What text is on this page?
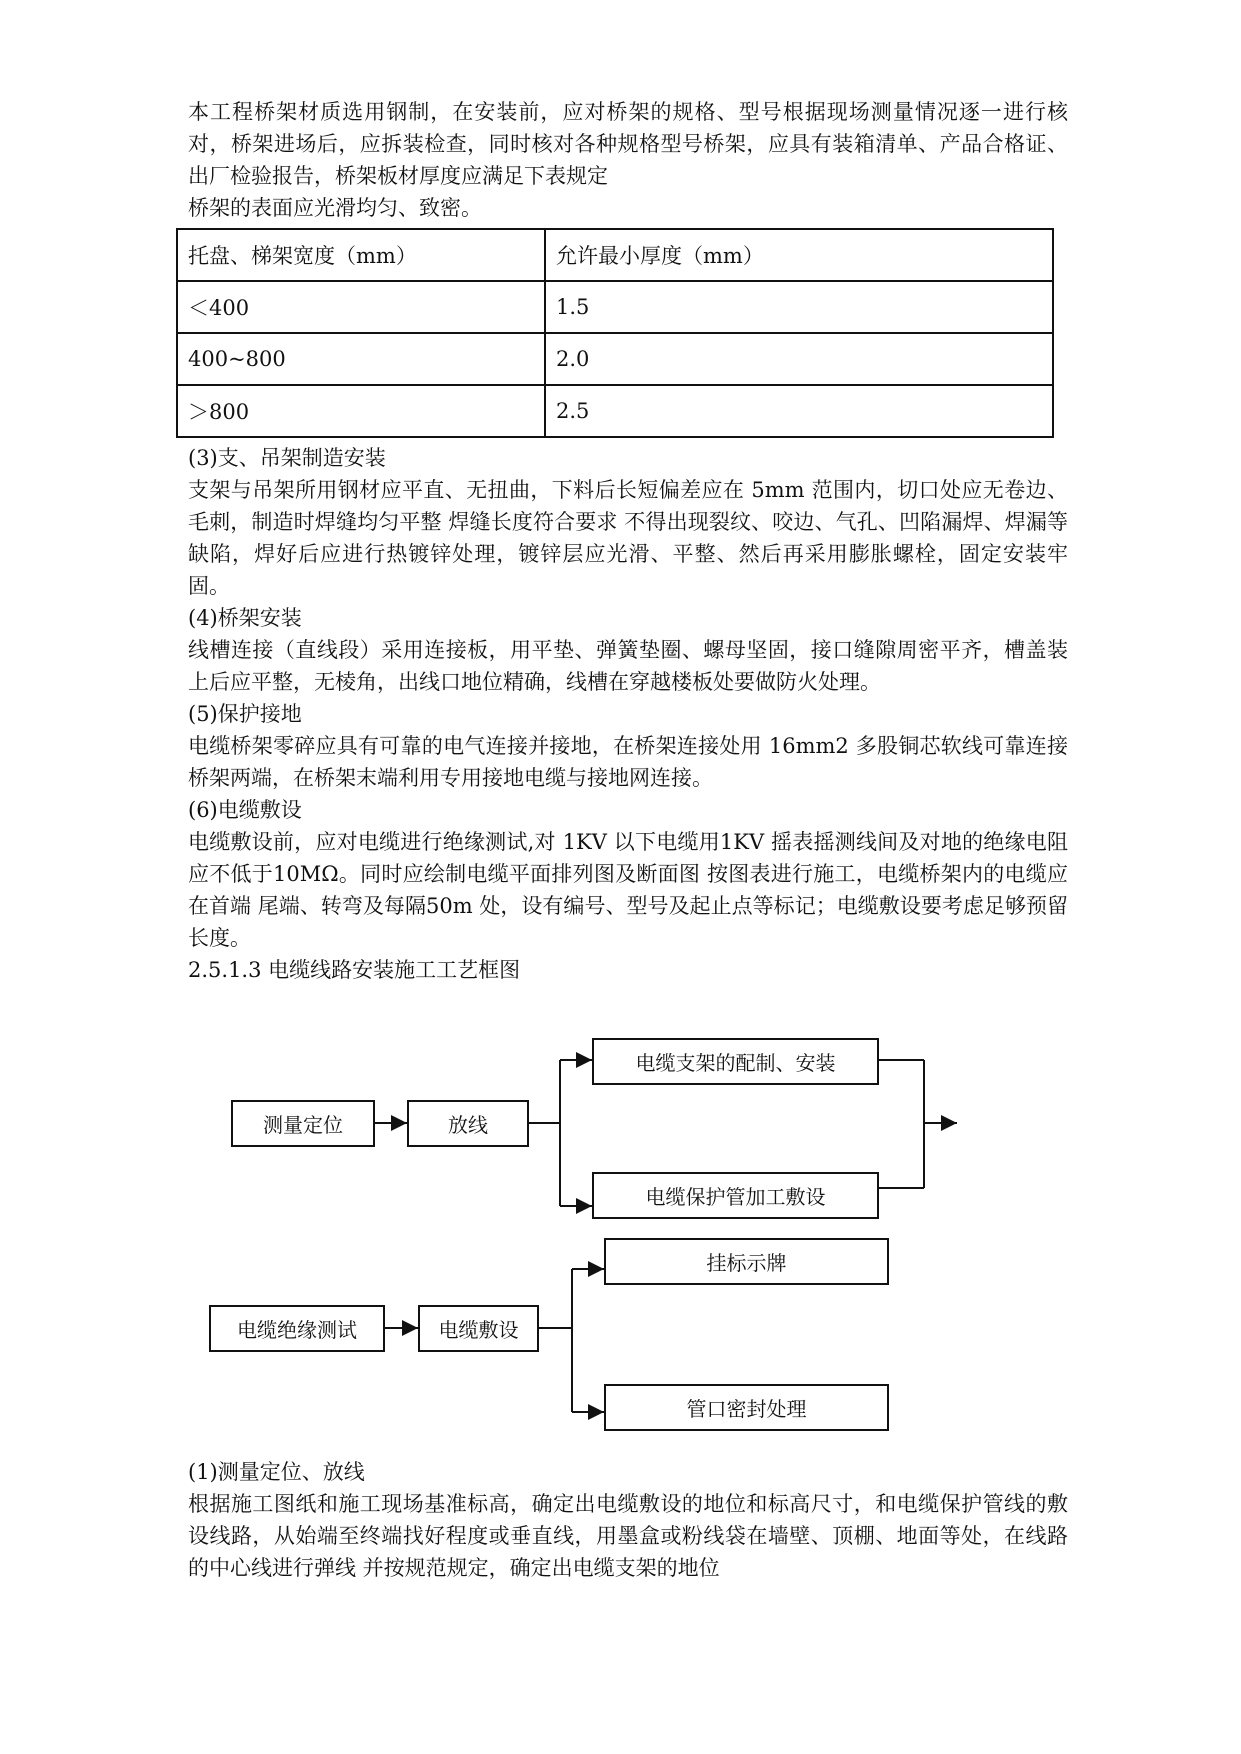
本工程桥架材质选用钢制，在安装前，应对桥架的规格、型号根据现场测量情况逐一进行核对，桥架进场后，应拆装检查，同时核对各种规格型号桥架，应具有装箱清单、产品合格证、出厂检验报告，桥架板材厚度应满足下表规定

桥架的表面应光滑均匀、致密。

托盘、梯架宽度（mm）	允许最小厚度（mm）
＜400	1.5
400~800	2.0
＞800	2.5

(3)支、吊架制造安装

支架与吊架所用钢材应平直、无扭曲，下料后长短偏差应在 5mm 范围内，切口处应无卷边、毛刺，制造时焊缝均匀平整 焊缝长度符合要求 不得出现裂纹、咬边、气孔、凹陷漏焊、焊漏等缺陷，焊好后应进行热镀锌处理，镀锌层应光滑、平整、然后再采用膨胀螺栓，固定安装牢固。

(4)桥架安装

线槽连接（直线段）采用连接板，用平垫、弹簧垫圈、螺母坚固，接口缝隙周密平齐，槽盖装上后应平整，无棱角，出线口地位精确，线槽在穿越楼板处要做防火处理。

(5)保护接地

电缆桥架零碎应具有可靠的电气连接并接地，在桥架连接处用 16mm2 多股铜芯软线可靠连接桥架两端，在桥架末端利用专用接地电缆与接地网连接。

(6)电缆敷设

电缆敷设前，应对电缆进行绝缘测试,对 1KV 以下电缆用1KV 摇表摇测线间及对地的绝缘电阻应不低于10MΩ。同时应绘制电缆平面排列图及断面图 按图表进行施工，电缆桥架内的电缆应在首端 尾端、转弯及每隔50m 处，设有编号、型号及起止点等标记；电缆敷设要考虑足够预留长度。

2.5.1.3 电缆线路安装施工工艺框图

测量定位	放线
电缆支架的配制、安装
电缆保护管加工敷设
电缆绝缘测试	电缆敷设
挂标示牌
管口密封处理

(1)测量定位、放线

根据施工图纸和施工现场基准标高，确定出电缆敷设的地位和标高尺寸，和电缆保护管线的敷设线路，从始端至终端找好程度或垂直线，用墨盒或粉线袋在墙壁、顶棚、地面等处，在线路的中心线进行弹线 并按规范规定，确定出电缆支架的地位
